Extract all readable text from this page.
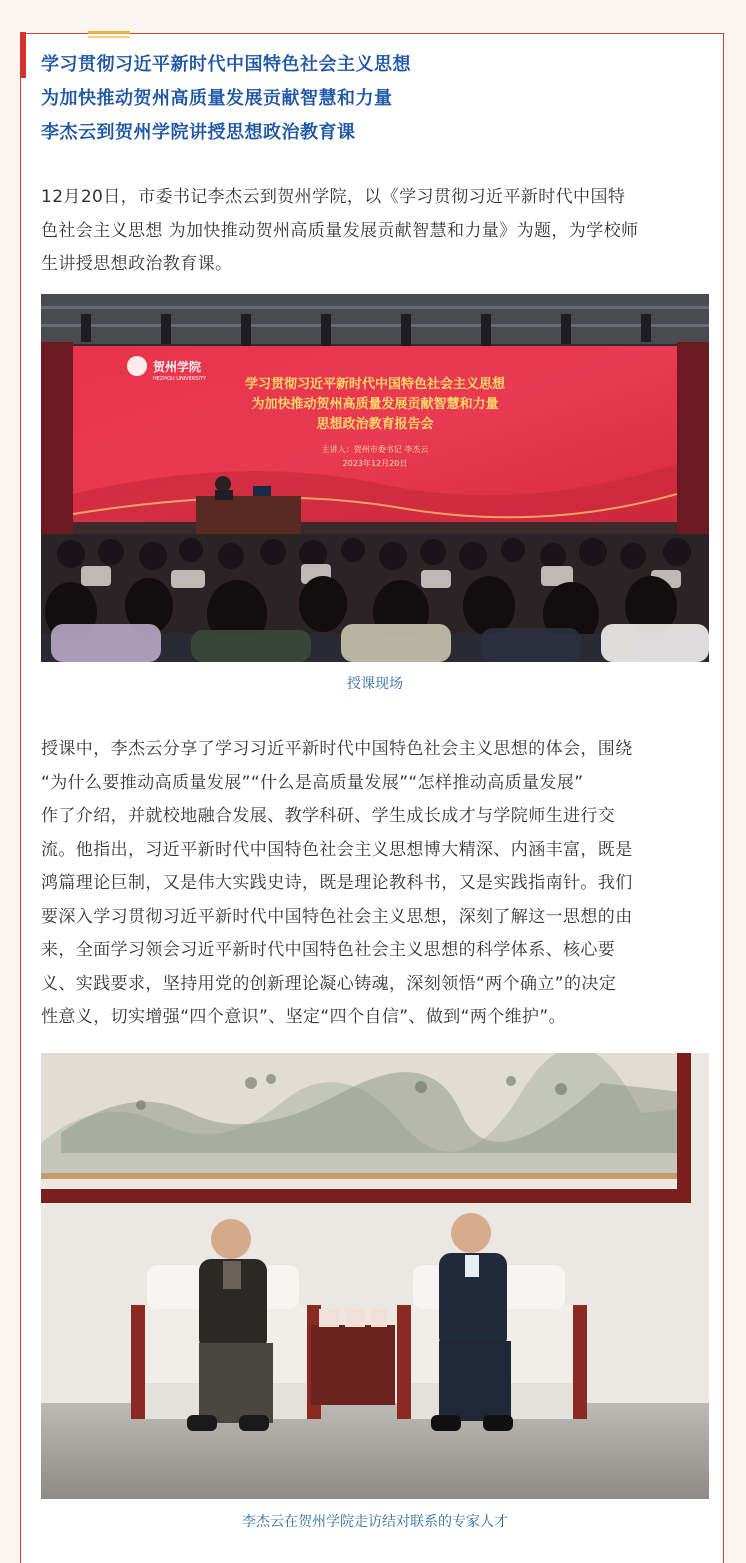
学习贯彻习近平新时代中国特色社会主义思想
为加快推动贺州高质量发展贡献智慧和力量
李杰云到贺州学院讲授思想政治教育课
12月20日，市委书记李杰云到贺州学院，以《学习贯彻习近平新时代中国特
色社会主义思想 为加快推动贺州高质量发展贡献智慧和力量》为题，为学校师
生讲授思想政治教育课。
贺州学院
HEZHOU UNIVERSITY	学习贯彻习近平新时代中国特色社会主义思想
为加快推动贺州高质量发展贡献智慧和力量
思想政治教育报告会
主讲人：贺州市委书记 李杰云
2023年12月20日
授课现场
授课中，李杰云分享了学习习近平新时代中国特色社会主义思想的体会，围绕
“为什么要推动高质量发展”“什么是高质量发展”“怎样推动高质量发展”
作了介绍，并就校地融合发展、教学科研、学生成长成才与学院师生进行交
流。他指出，习近平新时代中国特色社会主义思想博大精深、内涵丰富，既是
鸿篇理论巨制，又是伟大实践史诗，既是理论教科书，又是实践指南针。我们
要深入学习贯彻习近平新时代中国特色社会主义思想，深刻了解这一思想的由
来，全面学习领会习近平新时代中国特色社会主义思想的科学体系、核心要
义、实践要求，坚持用党的创新理论凝心铸魂，深刻领悟“两个确立”的决定
性意义，切实增强“四个意识”、坚定“四个自信”、做到“两个维护”。
李杰云在贺州学院走访结对联系的专家人才
